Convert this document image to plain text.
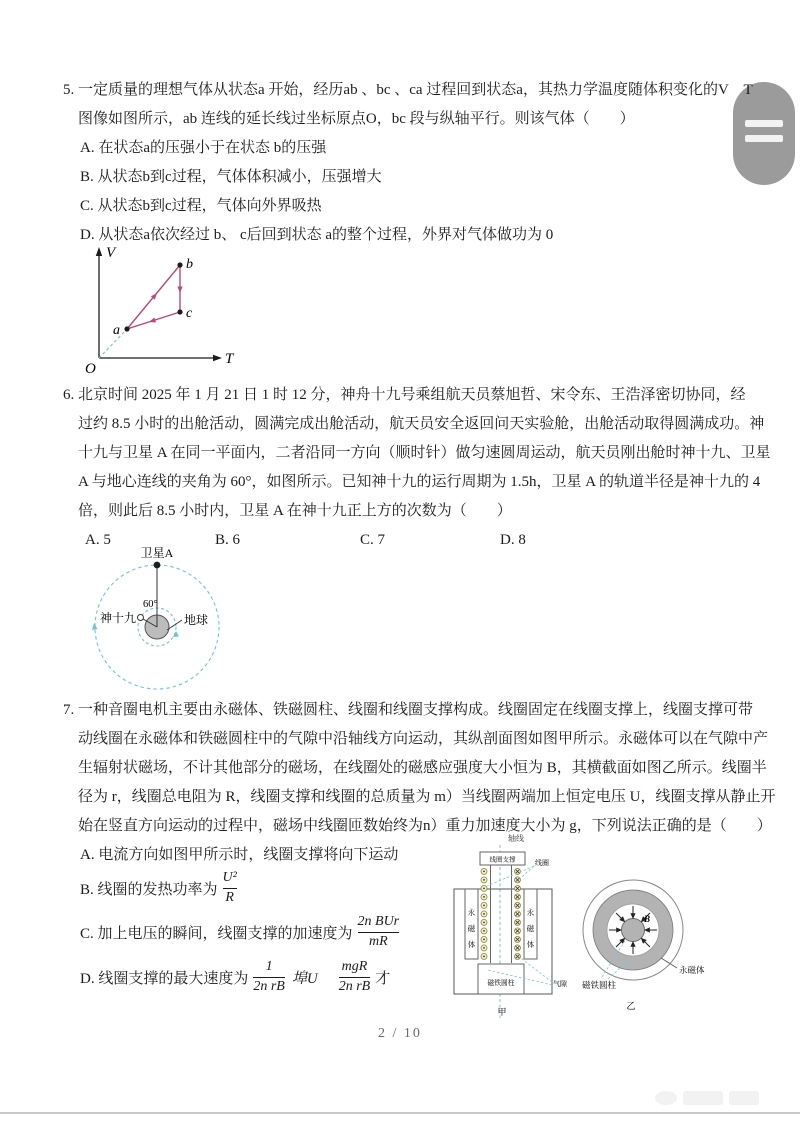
5. 一定质量的理想气体从状态a 开始，经历ab 、bc 、ca 过程回到状态a，其热力学温度随体积变化的V　T
图像如图所示，ab 连线的延长线过坐标原点O，bc 段与纵轴平行。则该气体（　　）
A. 在状态a的压强小于在状态 b的压强
B. 从状态b到c过程，气体体积减小，压强增大
C. 从状态b到c过程，气体向外界吸热
D. 从状态a依次经过 b、 c后回到状态 a的整个过程，外界对气体做功为 0
V
T
O
a
b
c
6. 北京时间 2025 年 1 月 21 日 1 时 12 分，神舟十九号乘组航天员蔡旭哲、宋令东、王浩泽密切协同，经
过约 8.5 小时的出舱活动，圆满完成出舱活动，航天员安全返回问天实验舱，出舱活动取得圆满成功。神
十九与卫星 A 在同一平面内，二者沿同一方向（顺时针）做匀速圆周运动，航天员刚出舱时神十九、卫星
A 与地心连线的夹角为 60°，如图所示。已知神十九的运行周期为 1.5h，卫星 A 的轨道半径是神十九的 4
倍，则此后 8.5 小时内，卫星 A 在神十九正上方的次数为（　　）
A. 5	B. 6	C. 7	D. 8
卫星A
60°
神十九	地球
7. 一种音圈电机主要由永磁体、铁磁圆柱、线圈和线圈支撑构成。线圈固定在线圈支撑上，线圈支撑可带
动线圈在永磁体和铁磁圆柱中的气隙中沿轴线方向运动，其纵剖面图如图甲所示。永磁体可以在气隙中产
生辐射状磁场，不计其他部分的磁场，在线圈处的磁感应强度大小恒为 B，其横截面如图乙所示。线圈半
径为 r，线圈总电阻为 R，线圈支撑和线圈的总质量为 m）当线圈两端加上恒定电压 U，线圈支撑从静止开
始在竖直方向运动的过程中，磁场中线圈匝数始终为n）重力加速度大小为 g，下列说法正确的是（　　）
A. 电流方向如图甲所示时，线圈支撑将向下运动
B. 线圈的发热功率为 $\frac{\text{U²}}{R}$
C. 加上电压的瞬间，线圈支撑的加速度为 $\frac{\text{2n BUr}}{mR}$
D. 线圈支撑的最大速度为 $\frac{1}{\text{2n rB}}$ 埠U $\frac{\text{mgR}}{\text{2n rB}}$ 才
轴线
永
磁
体
永
磁
体
磁铁圆柱
线圈支撑	线圈
气隙
甲
B
永磁体
磁铁圆柱
乙
2 / 10
